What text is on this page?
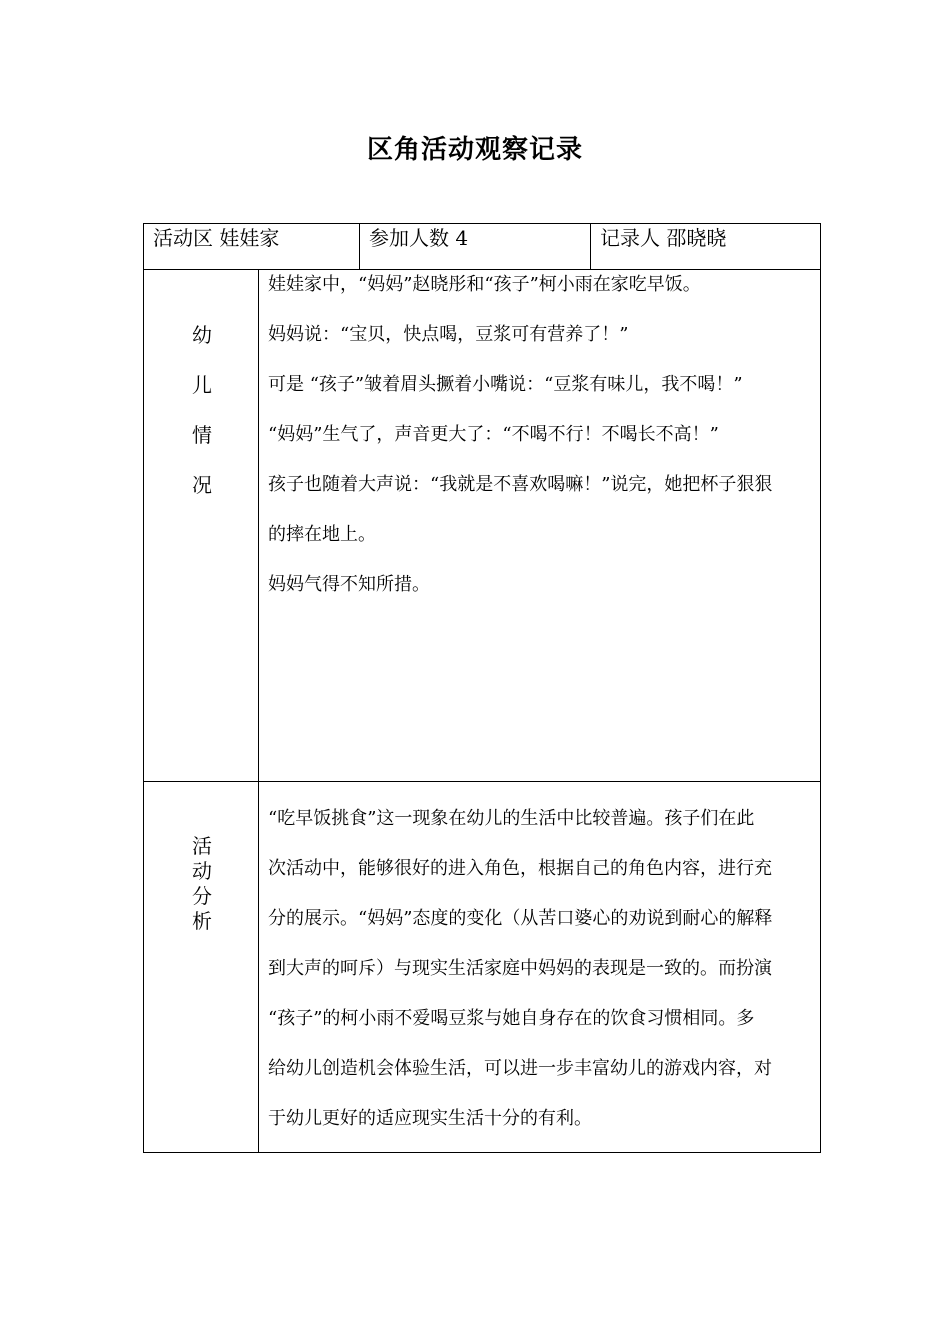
区角活动观察记录
活动区 娃娃家	参加人数 4	记录人 邵晓晓
幼
儿
情
况
娃娃家中，“妈妈”赵晓彤和“孩子”柯小雨在家吃早饭。
妈妈说：“宝贝，快点喝，豆浆可有营养了！”
可是 “孩子”皱着眉头撅着小嘴说：“豆浆有味儿，我不喝！”
“妈妈”生气了，声音更大了：“不喝不行！不喝长不高！”
孩子也随着大声说：“我就是不喜欢喝嘛！”说完，她把杯子狠狠
的摔在地上。
妈妈气得不知所措。
活
动
分
析
“吃早饭挑食”这一现象在幼儿的生活中比较普遍。孩子们在此
次活动中，能够很好的进入角色，根据自己的角色内容，进行充
分的展示。“妈妈”态度的变化（从苦口婆心的劝说到耐心的解释
到大声的呵斥）与现实生活家庭中妈妈的表现是一致的。而扮演
“孩子”的柯小雨不爱喝豆浆与她自身存在的饮食习惯相同。多
给幼儿创造机会体验生活，可以进一步丰富幼儿的游戏内容，对
于幼儿更好的适应现实生活十分的有利。
